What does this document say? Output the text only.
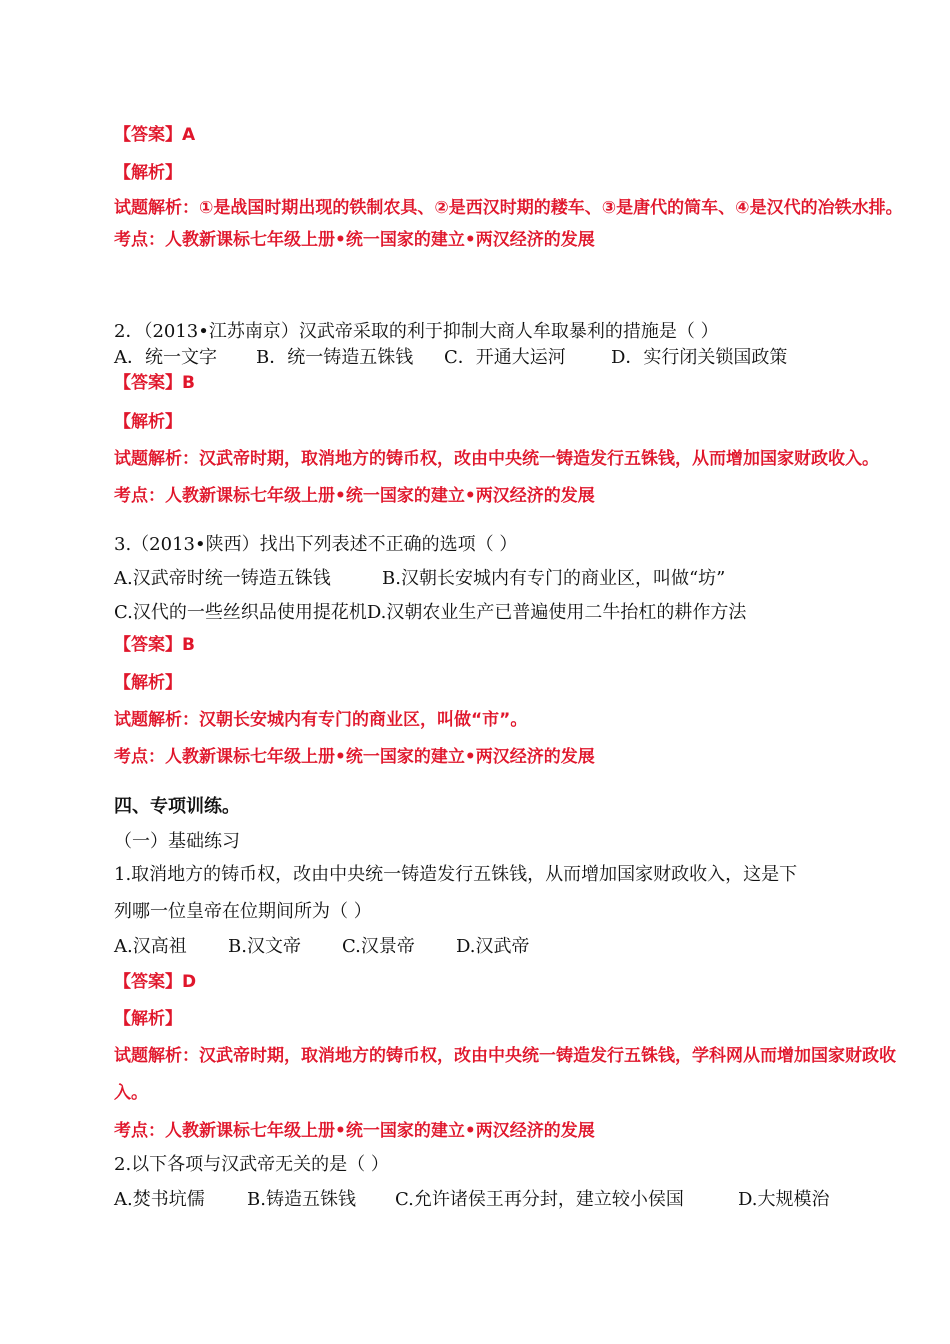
【答案】A
【解析】
试题解析：①是战国时期出现的铁制农具、②是西汉时期的耧车、③是唐代的筒车、④是汉代的冶铁水排。
考点：人教新课标七年级上册•统一国家的建立•两汉经济的发展
2．（2013•江苏南京）汉武帝采取的利于抑制大商人牟取暴利的措施是（ ）
A．统一文字 B．统一铸造五铢钱 C．开通大运河	D．实行闭关锁国政策
【答案】B
【解析】
试题解析：汉武帝时期，取消地方的铸币权，改由中央统一铸造发行五铢钱，从而增加国家财政收入。
考点：人教新课标七年级上册•统一国家的建立•两汉经济的发展
3.（2013•陕西）找出下列表述不正确的选项（ ）
A.汉武帝时统一铸造五铢钱	B.汉朝长安城内有专门的商业区，叫做“坊”
C.汉代的一些丝织品使用提花机D.汉朝农业生产已普遍使用二牛抬杠的耕作方法
【答案】B
【解析】
试题解析：汉朝长安城内有专门的商业区，叫做“市”。
考点：人教新课标七年级上册•统一国家的建立•两汉经济的发展
四、专项训练。
（一）基础练习
1.取消地方的铸币权，改由中央统一铸造发行五铢钱，从而增加国家财政收入，这是下
列哪一位皇帝在位期间所为（ ）
A.汉高祖 B.汉文帝 C.汉景帝 D.汉武帝
【答案】D
【解析】
试题解析：汉武帝时期，取消地方的铸币权，改由中央统一铸造发行五铢钱，学科网从而增加国家财政收
入。
考点：人教新课标七年级上册•统一国家的建立•两汉经济的发展
2.以下各项与汉武帝无关的是（ ）
A.焚书坑儒 B.铸造五铢钱 C.允许诸侯王再分封，建立较小侯国	D.大规模治
